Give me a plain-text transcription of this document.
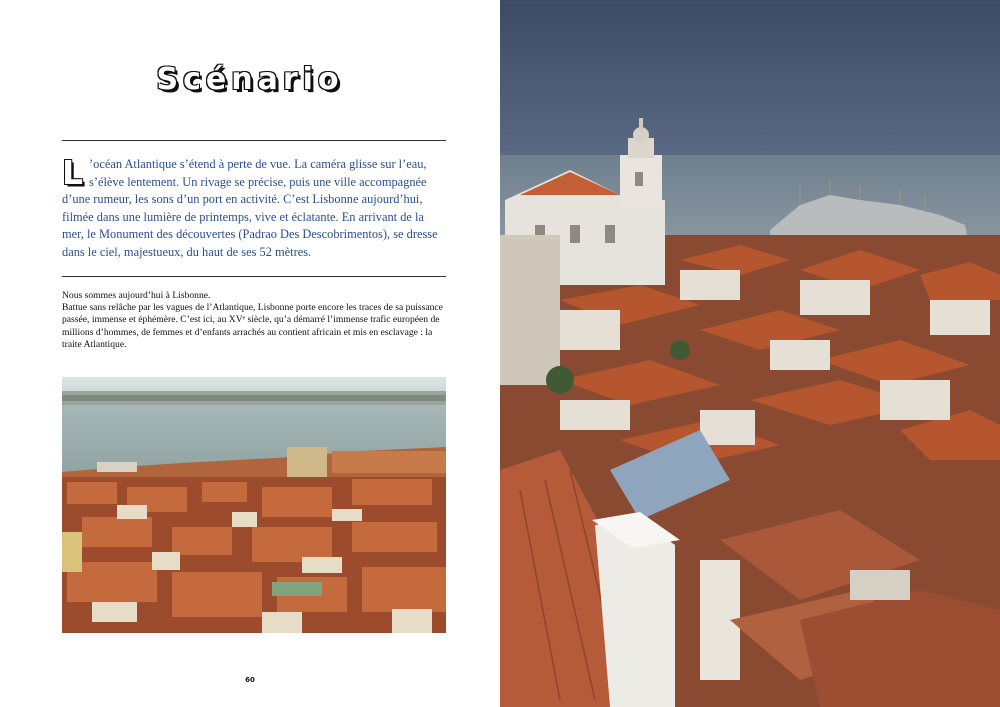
Scénario
L ’océan Atlantique s’étend à perte de vue. La caméra glisse sur l’eau, s’élève lentement. Un rivage se précise, puis une ville accompagnée d’une rumeur, les sons d’un port en activité. C’est Lisbonne aujourd’hui, filmée dans une lumière de printemps, vive et éclatante. En arrivant de la mer, le Monument des découvertes (Padrao Des Descobrimentos), se dresse dans le ciel, majestueux, du haut de ses 52 mètres.

Nous sommes aujourd’hui à Lisbonne.

Battue sans relâche par les vagues de l’Atlantique, Lisbonne porte encore les traces de sa puissance passée, immense et éphémère. C’est ici, au XVᵉ siècle, qu’a démarré l’immense trafic européen de millions d’hommes, de femmes et d’enfants arrachés au contient africain et mis en esclavage : la traite Atlantique.

60
